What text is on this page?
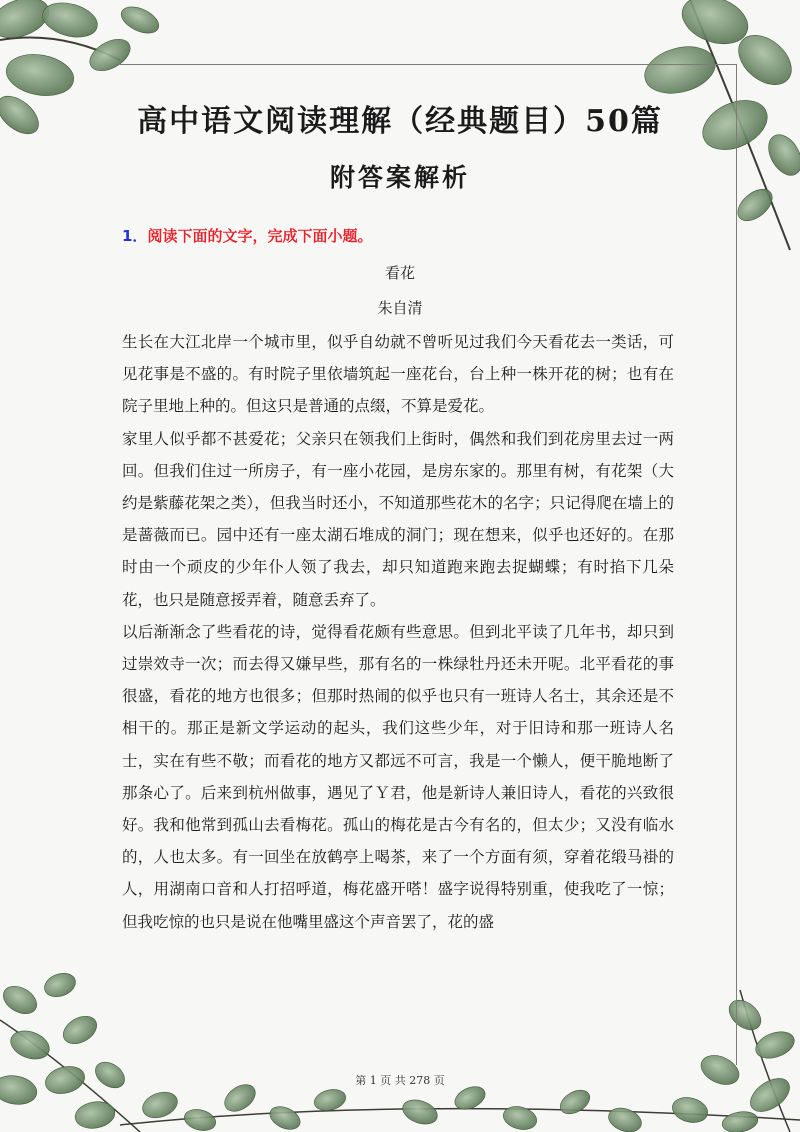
高中语文阅读理解（经典题目）50篇
附答案解析
1．阅读下面的文字，完成下面小题。
看花
朱自清

生长在大江北岸一个城市里，似乎自幼就不曾听见过我们今天看花去一类话，可见花事是不盛的。有时院子里依墙筑起一座花台，台上种一株开花的树；也有在院子里地上种的。但这只是普通的点缀，不算是爱花。

家里人似乎都不甚爱花；父亲只在领我们上街时，偶然和我们到花房里去过一两回。但我们住过一所房子，有一座小花园，是房东家的。那里有树，有花架（大约是紫藤花架之类），但我当时还小，不知道那些花木的名字；只记得爬在墙上的是蔷薇而已。园中还有一座太湖石堆成的洞门；现在想来，似乎也还好的。在那时由一个顽皮的少年仆人领了我去，却只知道跑来跑去捉蝴蝶；有时掐下几朵花，也只是随意挼弄着，随意丢弃了。

以后渐渐念了些看花的诗，觉得看花颇有些意思。但到北平读了几年书，却只到过崇效寺一次；而去得又嫌早些，那有名的一株绿牡丹还未开呢。北平看花的事很盛，看花的地方也很多；但那时热闹的似乎也只有一班诗人名士，其余还是不相干的。那正是新文学运动的起头，我们这些少年，对于旧诗和那一班诗人名士，实在有些不敬；而看花的地方又都远不可言，我是一个懒人，便干脆地断了那条心了。后来到杭州做事，遇见了Ｙ君，他是新诗人兼旧诗人，看花的兴致很好。我和他常到孤山去看梅花。孤山的梅花是古今有名的，但太少；又没有临水的，人也太多。有一回坐在放鹤亭上喝茶，来了一个方面有须，穿着花缎马褂的人，用湖南口音和人打招呼道，梅花盛开嗒！盛字说得特别重，使我吃了一惊；但我吃惊的也只是说在他嘴里盛这个声音罢了，花的盛

第 1 页 共 278 页
